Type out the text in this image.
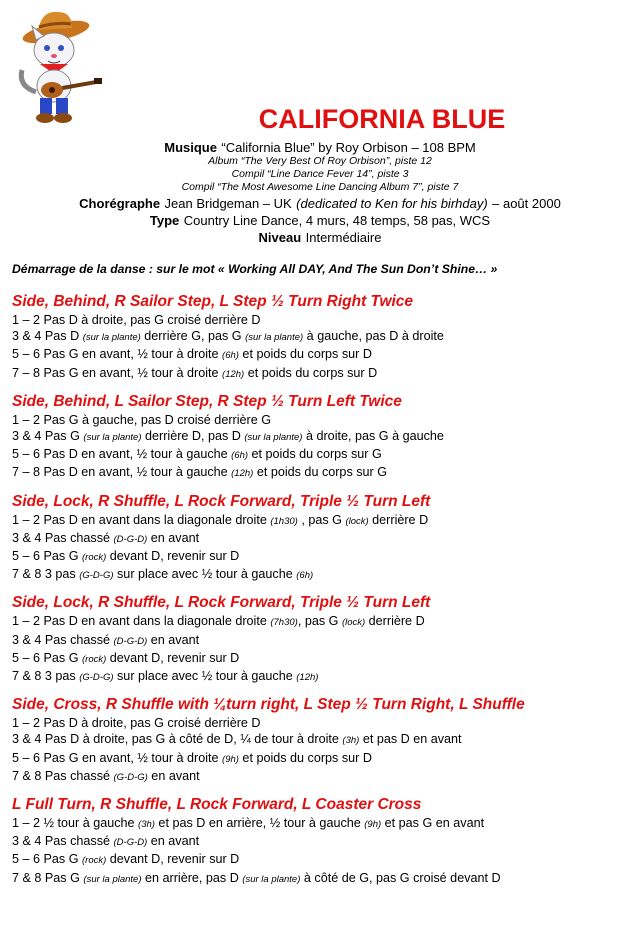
CALIFORNIA BLUE
Musique “California Blue” by Roy Orbison – 108 BPM
Album “The Very Best Of Roy Orbison”, piste 12
Compil “Line Dance Fever 14”, piste 3
Compil “The Most Awesome Line Dancing Album 7”, piste 7
Chorégraphe Jean Bridgeman – UK (dedicated to Ken for his birhday) – août 2000
Type Country Line Dance, 4 murs, 48 temps, 58 pas, WCS
Niveau Intermédiaire
Démarrage de la danse : sur le mot « Working All DAY, And The Sun Don’t Shine… »
Side, Behind, R Sailor Step, L Step ½ Turn Right Twice
1 – 2 Pas D à droite, pas G croisé derrière D
3 & 4 Pas D (sur la plante) derrière G, pas G (sur la plante) à gauche, pas D à droite
5 – 6 Pas G en avant, ½ tour à droite (6h) et poids du corps sur D
7 – 8 Pas G en avant, ½ tour à droite (12h) et poids du corps sur D
Side, Behind, L Sailor Step, R Step ½ Turn Left Twice
1 – 2 Pas G à gauche, pas D croisé derrière G
3 & 4 Pas G (sur la plante) derrière D, pas D (sur la plante) à droite, pas G à gauche
5 – 6 Pas D en avant, ½ tour à gauche (6h) et poids du corps sur G
7 – 8 Pas D en avant, ½ tour à gauche (12h) et poids du corps sur G
Side, Lock, R Shuffle, L Rock Forward, Triple ½ Turn Left
1 – 2 Pas D en avant dans la diagonale droite (1h30) , pas G (lock) derrière D
3 & 4 Pas chassé (D-G-D) en avant
5 – 6 Pas G (rock) devant D, revenir sur D
7 & 8 3 pas (G-D-G) sur place avec ½ tour à gauche (6h)
Side, Lock, R Shuffle, L Rock Forward, Triple ½ Turn Left
1 – 2 Pas D en avant dans la diagonale droite (7h30), pas G (lock) derrière D
3 & 4 Pas chassé (D-G-D) en avant
5 – 6 Pas G (rock) devant D, revenir sur D
7 & 8 3 pas (G-D-G) sur place avec ½ tour à gauche (12h)
Side, Cross, R Shuffle with ¼turn right, L Step ½ Turn Right, L Shuffle
1 – 2 Pas D à droite, pas G croisé derrière D
3 & 4 Pas D à droite, pas G à côté de D, ¼ de tour à droite (3h) et pas D en avant
5 – 6 Pas G en avant, ½ tour à droite (9h) et poids du corps sur D
7 & 8 Pas chassé (G-D-G) en avant
L Full Turn, R Shuffle, L Rock Forward, L Coaster Cross
1 – 2 ½ tour à gauche (3h) et pas D en arrière, ½ tour à gauche (9h) et pas G en avant
3 & 4 Pas chassé (D-G-D) en avant
5 – 6 Pas G (rock) devant D, revenir sur D
7 & 8 Pas G (sur la plante) en arrière, pas D (sur la plante) à côté de G, pas G croisé devant D
